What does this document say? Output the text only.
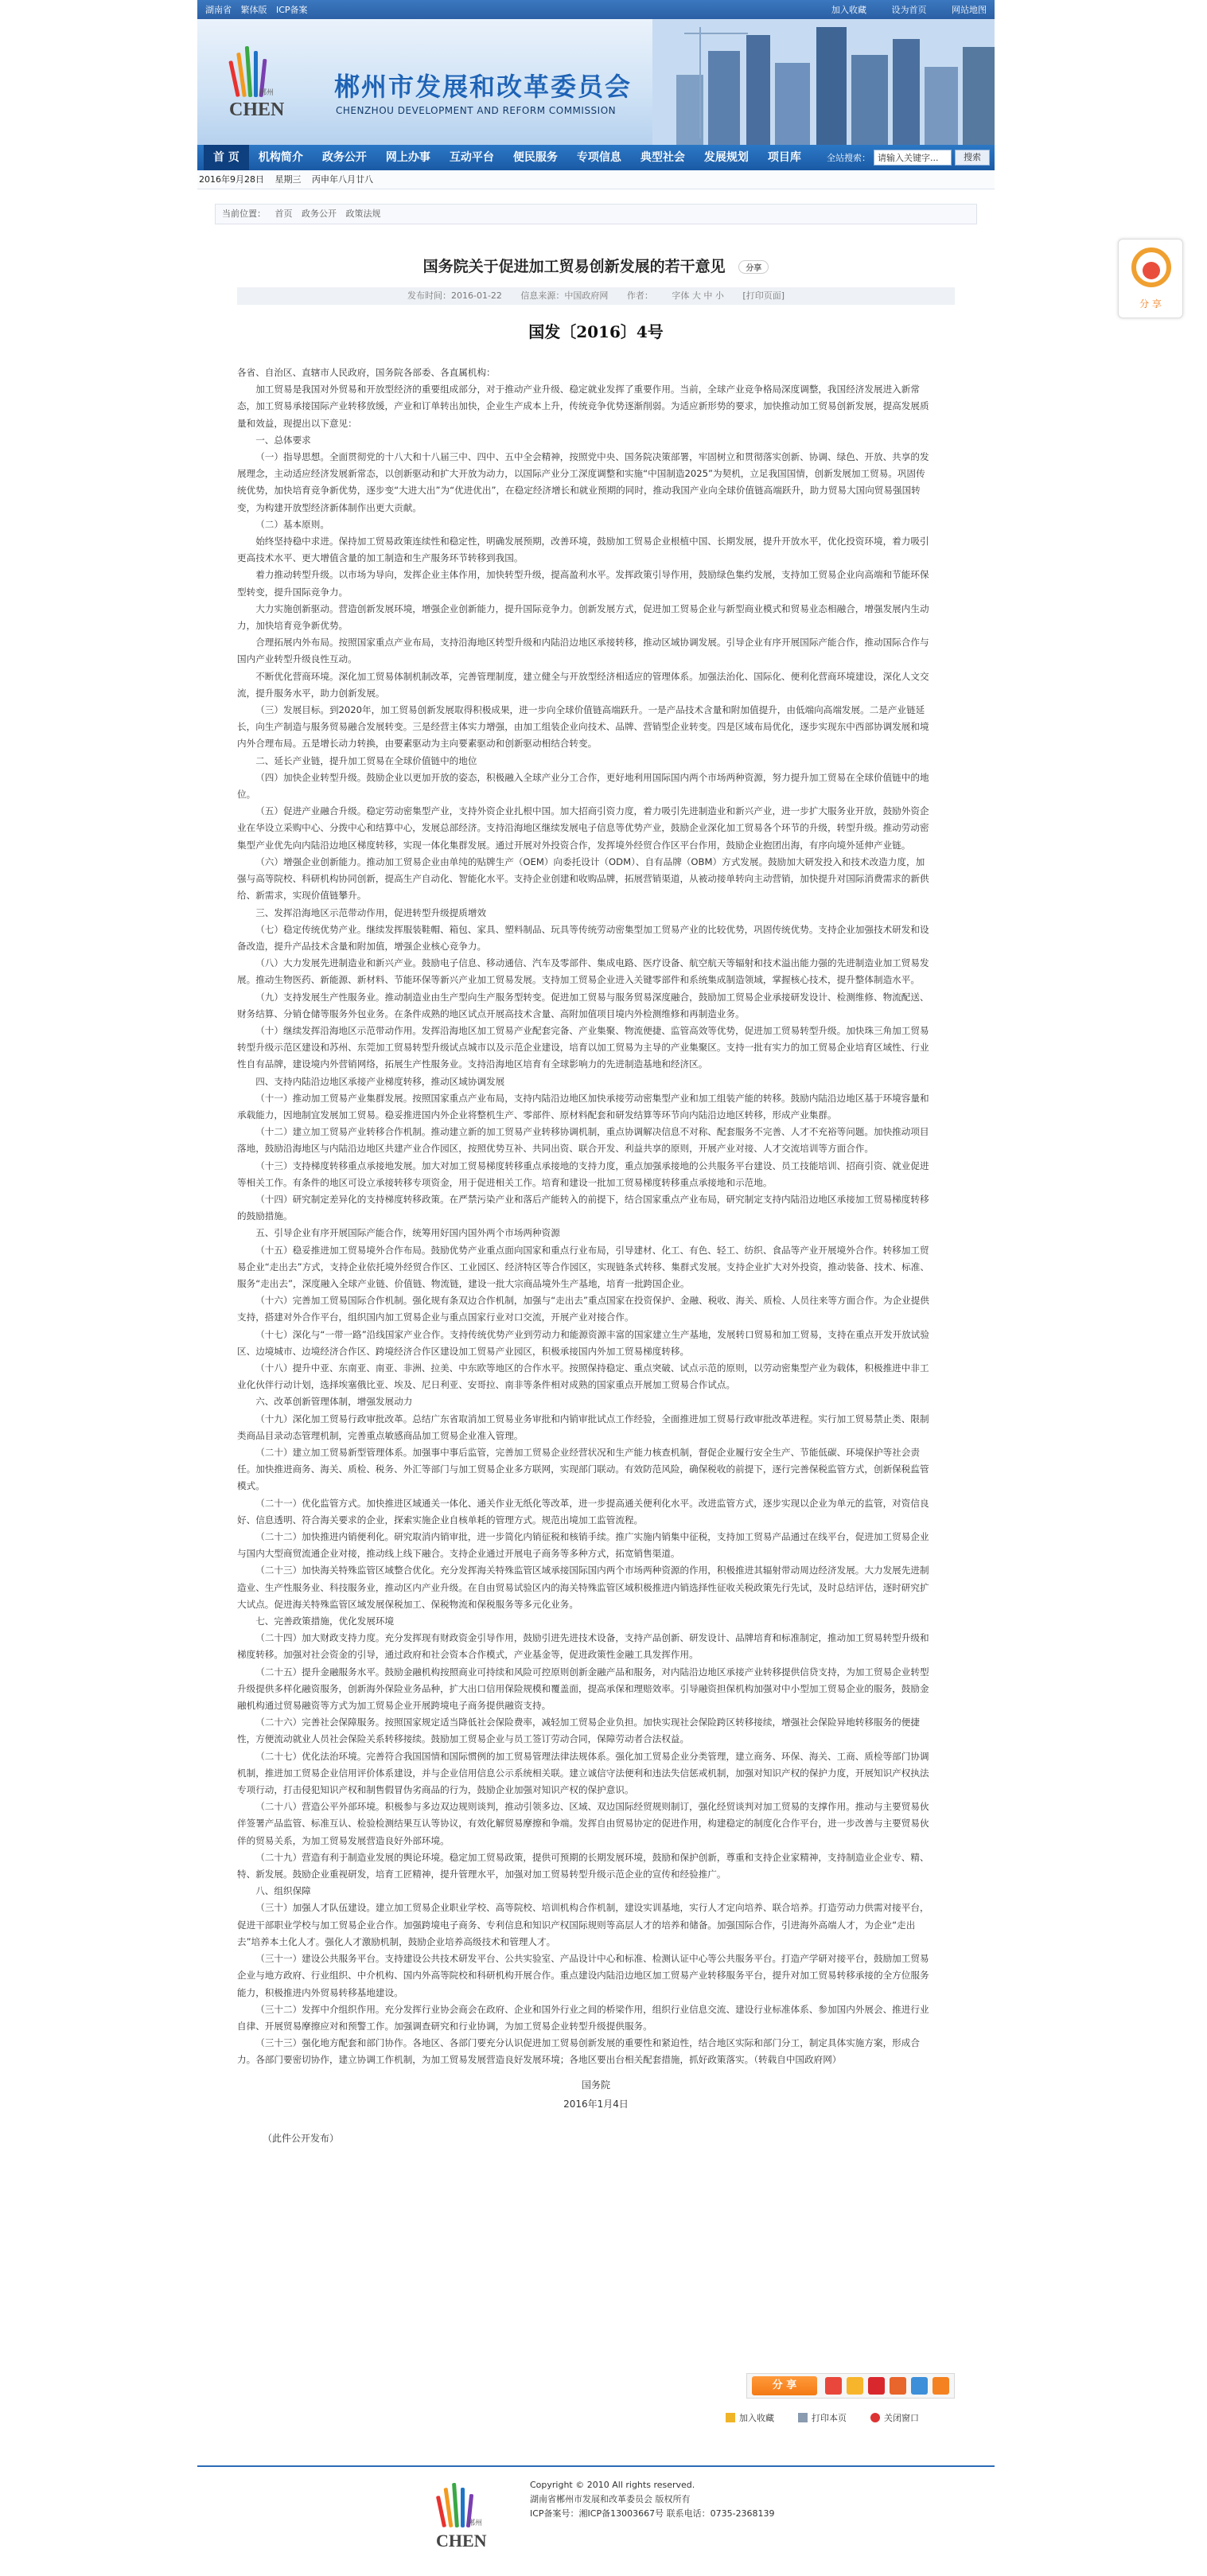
湖南省 繁体版 ICP备案	加入收藏	设为首页	网站地图
郴州
CHEN
郴州市发展和改革委员会
CHENZHOU DEVELOPMENT AND REFORM COMMISSION
首 页	机构简介	政务公开	网上办事	互动平台	便民服务	专项信息	典型社会	发展规划	项目库	全站搜索： 请输入关键字...	搜索
2016年9月28日 星期三 丙申年八月廿八
当前位置： 首页 政务公开 政策法规
分 享
国务院关于促进加工贸易创新发展的若干意见	分享
发布时间：2016-01-22 信息来源：中国政府网 作者： 字体 大 中 小 [打印页面]
国发〔2016〕4号

各省、自治区、直辖市人民政府，国务院各部委、各直属机构：

加工贸易是我国对外贸易和开放型经济的重要组成部分，对于推动产业升级、稳定就业发挥了重要作用。当前，全球产业竞争格局深度调整，我国经济发展进入新常态，加工贸易承接国际产业转移放缓，产业和订单转出加快，企业生产成本上升，传统竞争优势逐渐削弱。为适应新形势的要求，加快推动加工贸易创新发展，提高发展质量和效益，现提出以下意见：

一、总体要求

（一）指导思想。全面贯彻党的十八大和十八届三中、四中、五中全会精神，按照党中央、国务院决策部署，牢固树立和贯彻落实创新、协调、绿色、开放、共享的发展理念，主动适应经济发展新常态，以创新驱动和扩大开放为动力，以国际产业分工深度调整和实施“中国制造2025”为契机，立足我国国情，创新发展加工贸易。巩固传统优势，加快培育竞争新优势，逐步变“大进大出”为“优进优出”，在稳定经济增长和就业预期的同时，推动我国产业向全球价值链高端跃升，助力贸易大国向贸易强国转变，为构建开放型经济新体制作出更大贡献。

（二）基本原则。

始终坚持稳中求进。保持加工贸易政策连续性和稳定性，明确发展预期，改善环境，鼓励加工贸易企业根植中国、长期发展，提升开放水平，优化投资环境，着力吸引更高技术水平、更大增值含量的加工制造和生产服务环节转移到我国。

着力推动转型升级。以市场为导向，发挥企业主体作用，加快转型升级，提高盈利水平。发挥政策引导作用，鼓励绿色集约发展，支持加工贸易企业向高端和节能环保型转变，提升国际竞争力。

大力实施创新驱动。营造创新发展环境，增强企业创新能力，提升国际竞争力。创新发展方式，促进加工贸易企业与新型商业模式和贸易业态相融合，增强发展内生动力，加快培育竞争新优势。

合理拓展内外布局。按照国家重点产业布局，支持沿海地区转型升级和内陆沿边地区承接转移，推动区域协调发展。引导企业有序开展国际产能合作，推动国际合作与国内产业转型升级良性互动。

不断优化营商环境。深化加工贸易体制机制改革，完善管理制度，建立健全与开放型经济相适应的管理体系。加强法治化、国际化、便利化营商环境建设，深化人文交流，提升服务水平，助力创新发展。

（三）发展目标。到2020年，加工贸易创新发展取得积极成果，进一步向全球价值链高端跃升。一是产品技术含量和附加值提升，由低端向高端发展。二是产业链延长，向生产制造与服务贸易融合发展转变。三是经营主体实力增强，由加工组装企业向技术、品牌、营销型企业转变。四是区域布局优化，逐步实现东中西部协调发展和境内外合理布局。五是增长动力转换，由要素驱动为主向要素驱动和创新驱动相结合转变。

二、延长产业链，提升加工贸易在全球价值链中的地位

（四）加快企业转型升级。鼓励企业以更加开放的姿态，积极融入全球产业分工合作，更好地利用国际国内两个市场两种资源，努力提升加工贸易在全球价值链中的地位。

（五）促进产业融合升级。稳定劳动密集型产业，支持外资企业扎根中国。加大招商引资力度，着力吸引先进制造业和新兴产业，进一步扩大服务业开放，鼓励外资企业在华设立采购中心、分拨中心和结算中心，发展总部经济。支持沿海地区继续发展电子信息等优势产业，鼓励企业深化加工贸易各个环节的升级，转型升级。推动劳动密集型产业优先向内陆沿边地区梯度转移，实现一体化集群发展。通过开展对外投资合作，发挥境外经贸合作区平台作用，鼓励企业抱团出海，有序向境外延伸产业链。

（六）增强企业创新能力。推动加工贸易企业由单纯的贴牌生产（OEM）向委托设计（ODM）、自有品牌（OBM）方式发展。鼓励加大研发投入和技术改造力度，加强与高等院校、科研机构协同创新，提高生产自动化、智能化水平。支持企业创建和收购品牌，拓展营销渠道，从被动接单转向主动营销，加快提升对国际消费需求的新供给、新需求，实现价值链攀升。

三、发挥沿海地区示范带动作用，促进转型升级提质增效

（七）稳定传统优势产业。继续发挥服装鞋帽、箱包、家具、塑料制品、玩具等传统劳动密集型加工贸易产业的比较优势，巩固传统优势。支持企业加强技术研发和设备改造，提升产品技术含量和附加值，增强企业核心竞争力。

（八）大力发展先进制造业和新兴产业。鼓励电子信息、移动通信、汽车及零部件、集成电路、医疗设备、航空航天等辐射和技术溢出能力强的先进制造业加工贸易发展。推动生物医药、新能源、新材料、节能环保等新兴产业加工贸易发展。支持加工贸易企业进入关键零部件和系统集成制造领域，掌握核心技术，提升整体制造水平。

（九）支持发展生产性服务业。推动制造业由生产型向生产服务型转变。促进加工贸易与服务贸易深度融合，鼓励加工贸易企业承接研发设计、检测维修、物流配送、财务结算、分销仓储等服务外包业务。在条件成熟的地区试点开展高技术含量、高附加值项目境内外检测维修和再制造业务。

（十）继续发挥沿海地区示范带动作用。发挥沿海地区加工贸易产业配套完备、产业集聚、物流便捷、监管高效等优势，促进加工贸易转型升级。加快珠三角加工贸易转型升级示范区建设和苏州、东莞加工贸易转型升级试点城市以及示范企业建设，培育以加工贸易为主导的产业集聚区。支持一批有实力的加工贸易企业培育区域性、行业性自有品牌，建设境内外营销网络，拓展生产性服务业。支持沿海地区培育有全球影响力的先进制造基地和经济区。

四、支持内陆沿边地区承接产业梯度转移，推动区域协调发展

（十一）推动加工贸易产业集群发展。按照国家重点产业布局，支持内陆沿边地区加快承接劳动密集型产业和加工组装产能的转移。鼓励内陆沿边地区基于环境容量和承载能力，因地制宜发展加工贸易。稳妥推进国内外企业将整机生产、零部件、原材料配套和研发结算等环节向内陆沿边地区转移，形成产业集群。

（十二）建立加工贸易产业转移合作机制。推动建立新的加工贸易产业转移协调机制，重点协调解决信息不对称、配套服务不完善、人才不充裕等问题。加快推动项目落地，鼓励沿海地区与内陆沿边地区共建产业合作园区，按照优势互补、共同出资、联合开发、利益共享的原则，开展产业对接、人才交流培训等方面合作。

（十三）支持梯度转移重点承接地发展。加大对加工贸易梯度转移重点承接地的支持力度，重点加强承接地的公共服务平台建设、员工技能培训、招商引资、就业促进等相关工作。有条件的地区可设立承接转移专项资金，用于促进相关工作。培育和建设一批加工贸易梯度转移重点承接地和示范地。

（十四）研究制定差异化的支持梯度转移政策。在严禁污染产业和落后产能转入的前提下，结合国家重点产业布局，研究制定支持内陆沿边地区承接加工贸易梯度转移的鼓励措施。

五、引导企业有序开展国际产能合作，统筹用好国内国外两个市场两种资源

（十五）稳妥推进加工贸易境外合作布局。鼓励优势产业重点面向国家和重点行业布局，引导建材、化工、有色、轻工、纺织、食品等产业开展境外合作。转移加工贸易企业“走出去”方式，支持企业依托境外经贸合作区、工业园区、经济特区等合作园区，实现链条式转移、集群式发展。支持企业扩大对外投资，推动装备、技术、标准、服务“走出去”，深度融入全球产业链、价值链、物流链，建设一批大宗商品境外生产基地，培育一批跨国企业。

（十六）完善加工贸易国际合作机制。强化规有条双边合作机制，加强与“走出去”重点国家在投资保护、金融、税收、海关、质检、人员往来等方面合作。为企业提供支持，搭建对外合作平台，组织国内加工贸易企业与重点国家行业对口交流，开展产业对接合作。

（十七）深化与“一带一路”沿线国家产业合作。支持传统优势产业到劳动力和能源资源丰富的国家建立生产基地，发展转口贸易和加工贸易，支持在重点开发开放试验区、边境城市、边境经济合作区、跨境经济合作区建设加工贸易产业园区，积极承接国内外加工贸易梯度转移。

（十八）提升中亚、东南亚、南亚、非洲、拉美、中东欧等地区的合作水平。按照保持稳定、重点突破、试点示范的原则，以劳动密集型产业为载体，积极推进中非工业化伙伴行动计划，选择埃塞俄比亚、埃及、尼日利亚、安哥拉、南非等条件相对成熟的国家重点开展加工贸易合作试点。

六、改革创新管理体制，增强发展动力

（十九）深化加工贸易行政审批改革。总结广东省取消加工贸易业务审批和内销审批试点工作经验，全面推进加工贸易行政审批改革进程。实行加工贸易禁止类、限制类商品目录动态管理机制，完善重点敏感商品加工贸易企业准入管理。

（二十）建立加工贸易新型管理体系。加强事中事后监管，完善加工贸易企业经营状况和生产能力核查机制，督促企业履行安全生产、节能低碳、环境保护等社会责任。加快推进商务、海关、质检、税务、外汇等部门与加工贸易企业多方联网，实现部门联动。有效防范风险，确保税收的前提下，逐行完善保税监管方式，创新保税监管模式。

（二十一）优化监管方式。加快推进区域通关一体化、通关作业无纸化等改革，进一步提高通关便利化水平。改进监管方式，逐步实现以企业为单元的监管，对资信良好、信息透明、符合海关要求的企业，探索实施企业自核单耗的管理方式。规范出境加工监管流程。

（二十二）加快推进内销便利化。研究取消内销审批，进一步简化内销征税和核销手续。推广实施内销集中征税，支持加工贸易产品通过在线平台，促进加工贸易企业与国内大型商贸流通企业对接，推动线上线下融合。支持企业通过开展电子商务等多种方式，拓宽销售渠道。

（二十三）加快海关特殊监管区域整合优化。充分发挥海关特殊监管区域承接国际国内两个市场两种资源的作用，积极推进其辐射带动周边经济发展。大力发展先进制造业、生产性服务业、科技服务业，推动区内产业升级。在自由贸易试验区内的海关特殊监管区域积极推进内销选择性征收关税政策先行先试，及时总结评估，逐时研究扩大试点。促进海关特殊监管区域发展保税加工、保税物流和保税服务等多元化业务。

七、完善政策措施，优化发展环境

（二十四）加大财政支持力度。充分发挥现有财政资金引导作用，鼓励引进先进技术设备，支持产品创新、研发设计、品牌培育和标准制定，推动加工贸易转型升级和梯度转移。加强对社会资金的引导，通过政府和社会资本合作模式，产业基金等，促进政策性金融工具发挥作用。

（二十五）提升金融服务水平。鼓励金融机构按照商业可持续和风险可控原则创新金融产品和服务，对内陆沿边地区承接产业转移提供信贷支持，为加工贸易企业转型升级提供多样化融资服务，创新海外保险业务品种，扩大出口信用保险规模和覆盖面，提高承保和理赔效率。引导融资担保机构加强对中小型加工贸易企业的服务，鼓励金融机构通过贸易融资等方式为加工贸易企业开展跨境电子商务提供融资支持。

（二十六）完善社会保障服务。按照国家规定适当降低社会保险费率，减轻加工贸易企业负担。加快实现社会保险跨区转移接续，增强社会保险异地转移服务的便捷性，方便流动就业人员社会保险关系转移接续。鼓励加工贸易企业与员工签订劳动合同，保障劳动者合法权益。

（二十七）优化法治环境。完善符合我国国情和国际惯例的加工贸易管理法律法规体系。强化加工贸易企业分类管理，建立商务、环保、海关、工商、质检等部门协调机制，推进加工贸易企业信用评价体系建设，并与企业信用信息公示系统相关联。建立诚信守法便利和违法失信惩戒机制，加强对知识产权的保护力度，开展知识产权执法专项行动，打击侵犯知识产权和制售假冒伪劣商品的行为，鼓励企业加强对知识产权的保护意识。

（二十八）营造公平外部环境。积极参与多边双边规则谈判，推动引领多边、区域、双边国际经贸规则制订，强化经贸谈判对加工贸易的支撑作用。推动与主要贸易伙伴签署产品监管、标准互认、检验检测结果互认等协议，有效化解贸易摩擦和争端。发挥自由贸易协定的促进作用，构建稳定的制度化合作平台，进一步改善与主要贸易伙伴的贸易关系，为加工贸易发展营造良好外部环境。

（二十九）营造有利于制造业发展的舆论环境。稳定加工贸易政策，提供可预期的长期发展环境，鼓励和保护创新，尊重和支持企业家精神，支持制造业企业专、精、特、新发展。鼓励企业重视研发，培育工匠精神，提升管理水平，加强对加工贸易转型升级示范企业的宣传和经验推广。

八、组织保障

（三十）加强人才队伍建设。建立加工贸易企业职业学校、高等院校、培训机构合作机制，建设实训基地，实行人才定向培养、联合培养。打造劳动力供需对接平台，促进干部职业学校与加工贸易企业合作。加强跨境电子商务、专利信息和知识产权国际规则等高层人才的培养和储备。加强国际合作，引进海外高端人才，为企业“走出去”培养本土化人才。强化人才激励机制，鼓励企业培养高级技术和管理人才。

（三十一）建设公共服务平台。支持建设公共技术研发平台、公共实验室、产品设计中心和标准、检测认证中心等公共服务平台。打造产学研对接平台，鼓励加工贸易企业与地方政府、行业组织、中介机构、国内外高等院校和科研机构开展合作。重点建设内陆沿边地区加工贸易产业转移服务平台，提升对加工贸易转移承接的全方位服务能力，积极推进内外贸易转移基地建设。

（三十二）发挥中介组织作用。充分发挥行业协会商会在政府、企业和国外行业之间的桥梁作用，组织行业信息交流、建设行业标准体系、参加国内外展会、推进行业自律、开展贸易摩擦应对和预警工作。加强调查研究和行业协调，为加工贸易企业转型升级提供服务。

（三十三）强化地方配套和部门协作。各地区、各部门要充分认识促进加工贸易创新发展的重要性和紧迫性，结合地区实际和部门分工，制定具体实施方案，形成合力。各部门要密切协作，建立协调工作机制，为加工贸易发展营造良好发展环境；各地区要出台相关配套措施，抓好政策落实。（转载自中国政府网）

国务院
2016年1月4日
（此件公开发布）
分 享
加入收藏	打印本页	关闭窗口
郴州
CHEN
Copyright © 2010 All rights reserved.
湖南省郴州市发展和改革委员会 版权所有
ICP备案号：湘ICP备13003667号 联系电话：0735-2368139
